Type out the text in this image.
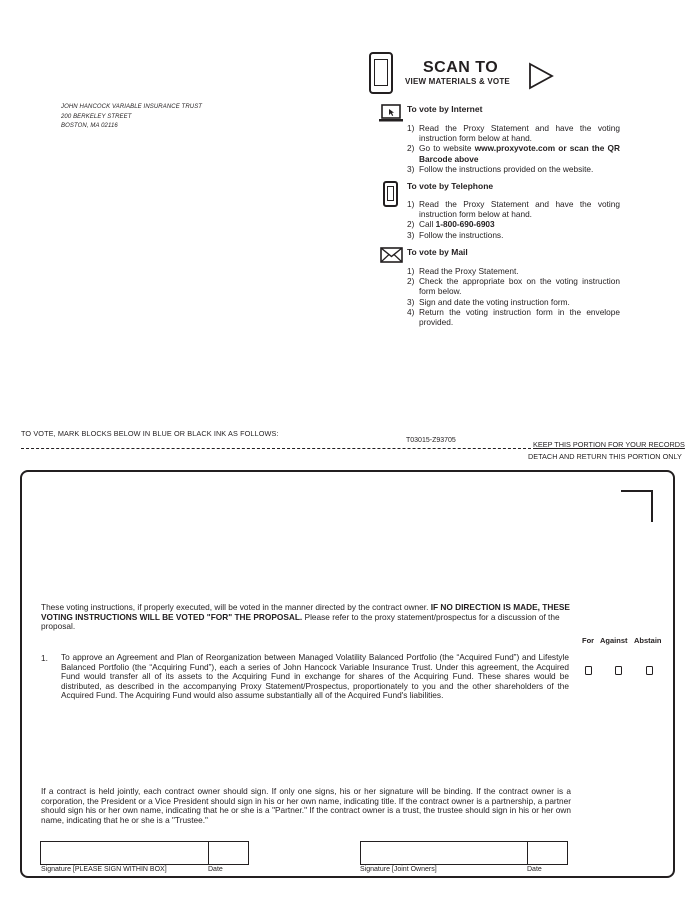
JOHN HANCOCK VARIABLE INSURANCE TRUST
200 BERKELEY STREET
BOSTON, MA 02116
SCAN TO
VIEW MATERIALS & VOTE
To vote by Internet
1) Read the Proxy Statement and have the voting instruction form below at hand.
2) Go to website www.proxyvote.com or scan the QR Barcode above
3) Follow the instructions provided on the website.
To vote by Telephone
1) Read the Proxy Statement and have the voting instruction form below at hand.
2) Call 1-800-690-6903
3) Follow the instructions.
To vote by Mail
1) Read the Proxy Statement.
2) Check the appropriate box on the voting instruction form below.
3) Sign and date the voting instruction form.
4) Return the voting instruction form in the envelope provided.
TO VOTE, MARK BLOCKS BELOW IN BLUE OR BLACK INK AS FOLLOWS:
T03015-Z93705	KEEP THIS PORTION FOR YOUR RECORDS
DETACH AND RETURN THIS PORTION ONLY
These voting instructions, if properly executed, will be voted in the manner directed by the contract owner. IF NO DIRECTION IS MADE, THESE VOTING INSTRUCTIONS WILL BE VOTED "FOR" THE PROPOSAL. Please refer to the proxy statement/prospectus for a discussion of the proposal.
For Against Abstain
1. To approve an Agreement and Plan of Reorganization between Managed Volatility Balanced Portfolio (the “Acquired Fund”) and Lifestyle Balanced Portfolio (the “Acquiring Fund”), each a series of John Hancock Variable Insurance Trust. Under this agreement, the Acquired Fund would transfer all of its assets to the Acquiring Fund in exchange for shares of the Acquiring Fund. These shares would be distributed, as described in the accompanying Proxy Statement/Prospectus, proportionately to you and the other shareholders of the Acquired Fund. The Acquiring Fund would also assume substantially all of the Acquired Fund's liabilities.
If a contract is held jointly, each contract owner should sign. If only one signs, his or her signature will be binding. If the contract owner is a corporation, the President or a Vice President should sign in his or her own name, indicating title. If the contract owner is a partnership, a partner should sign his or her own name, indicating that he or she is a "Partner." If the contract owner is a trust, the trustee should sign in his or her own name, indicating that he or she is a "Trustee."
Signature [PLEASE SIGN WITHIN BOX]	Date	Signature [Joint Owners]	Date
